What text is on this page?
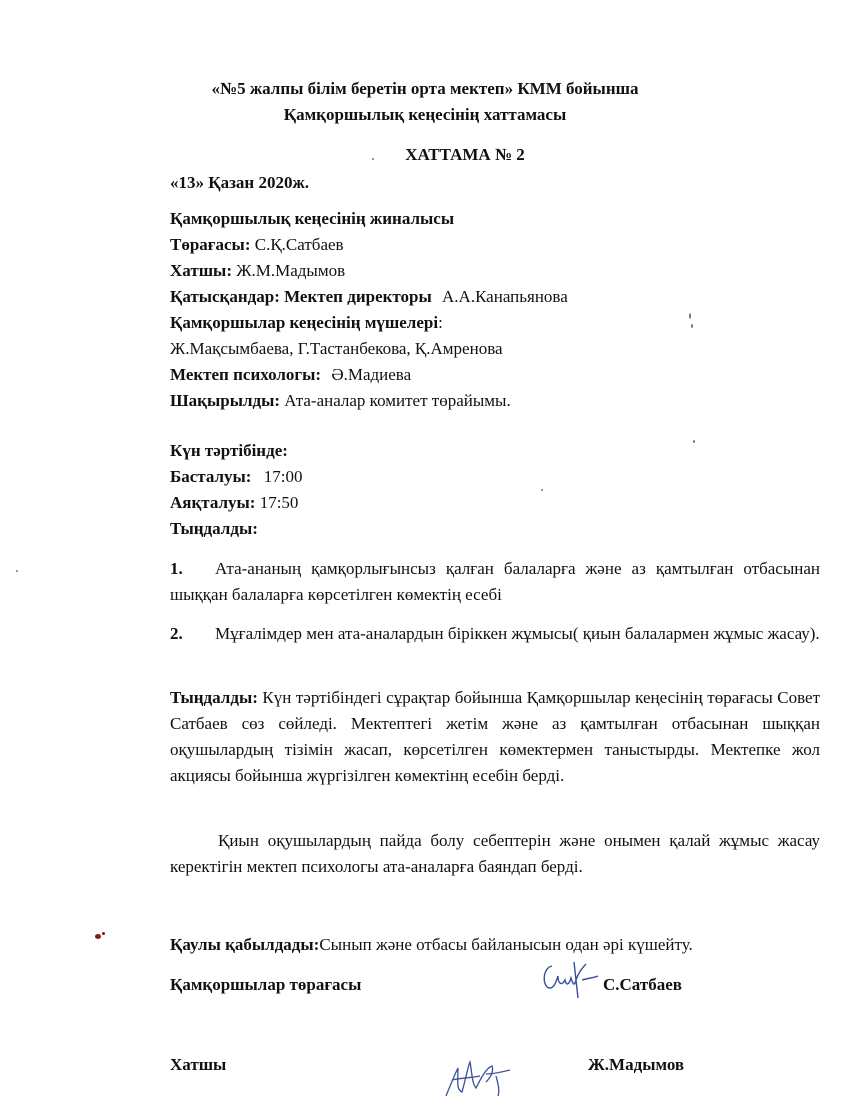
«№5 жалпы білім беретін орта мектеп» КММ бойынша
Қамқоршылық кеңесінің хаттамасы
ХАТТАМА № 2
«13» Қазан 2020ж.
Қамқоршылық кеңесінің жиналысы
Төрағасы: С.Қ.Сатбаев
Хатшы: Ж.М.Мадымов
Қатысқандар: Мектеп директоры А.А.Канапьянова
Қамқоршылар кеңесінің мүшелері:
Ж.Мақсымбаева, Г.Тастанбекова, Қ.Амренова
Мектеп психологы: Ә.Мадиева
Шақырылды: Ата-аналар комитет төрайымы.
Күн тәртібінде:
Басталуы: 17:00
Аяқталуы: 17:50
Тыңдалды:
1. Ата-ананың қамқорлығынсыз қалған балаларға және аз қамтылған отбасынан шыққан балаларға көрсетілген көмектің есебі
2. Мұғалімдер мен ата-аналардын біріккен жұмысы( қиын балалармен жұмыс жасау).
Тыңдалды: Күн тәртібіндегі сұрақтар бойынша Қамқоршылар кеңесінің төрағасы Совет Сатбаев сөз сөйледі. Мектептегі жетім және аз қамтылған отбасынан шыққан оқушылардың тізімін жасап, көрсетілген көмектермен таныстырды. Мектепке жол акциясы бойынша жүргізілген көмектінң есебін берді.
Қиын оқушылардың пайда болу себептерін және онымен қалай жұмыс жасау керектігін мектеп психологы ата-аналарға баяндап берді.
Қаулы қабылдады:Сынып және отбасы байланысын одан әрі күшейту.
Қамқоршылар төрағасы	С.Сатбаев
Хатшы	Ж.Мадымов
